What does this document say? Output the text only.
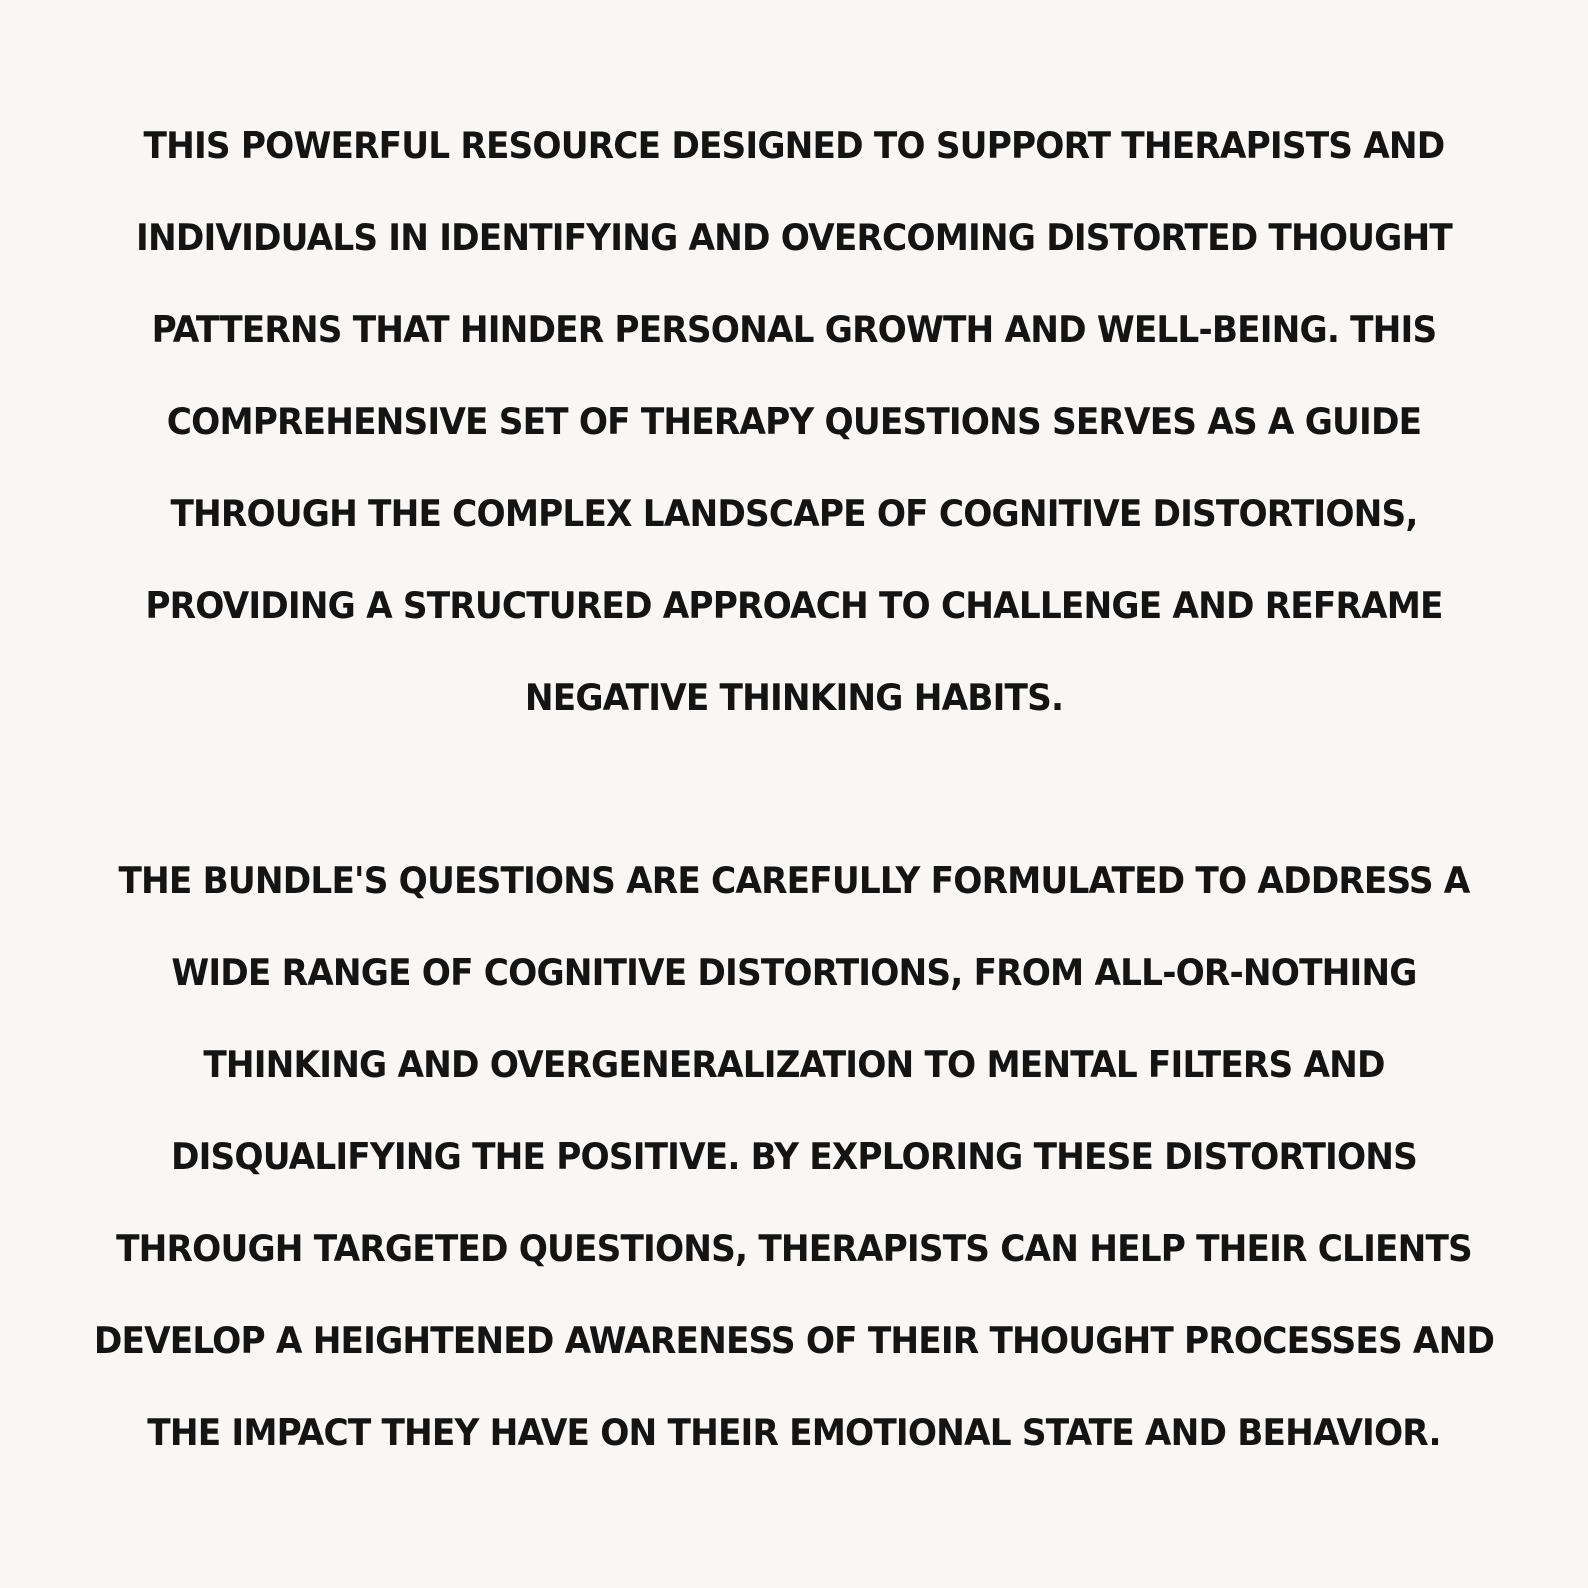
THIS POWERFUL RESOURCE DESIGNED TO SUPPORT THERAPISTS AND
INDIVIDUALS IN IDENTIFYING AND OVERCOMING DISTORTED THOUGHT
PATTERNS THAT HINDER PERSONAL GROWTH AND WELL-BEING. THIS
COMPREHENSIVE SET OF THERAPY QUESTIONS SERVES AS A GUIDE
THROUGH THE COMPLEX LANDSCAPE OF COGNITIVE DISTORTIONS,
PROVIDING A STRUCTURED APPROACH TO CHALLENGE AND REFRAME
NEGATIVE THINKING HABITS.
THE BUNDLE'S QUESTIONS ARE CAREFULLY FORMULATED TO ADDRESS A
WIDE RANGE OF COGNITIVE DISTORTIONS, FROM ALL-OR-NOTHING
THINKING AND OVERGENERALIZATION TO MENTAL FILTERS AND
DISQUALIFYING THE POSITIVE. BY EXPLORING THESE DISTORTIONS
THROUGH TARGETED QUESTIONS, THERAPISTS CAN HELP THEIR CLIENTS
DEVELOP A HEIGHTENED AWARENESS OF THEIR THOUGHT PROCESSES AND
THE IMPACT THEY HAVE ON THEIR EMOTIONAL STATE AND BEHAVIOR.
